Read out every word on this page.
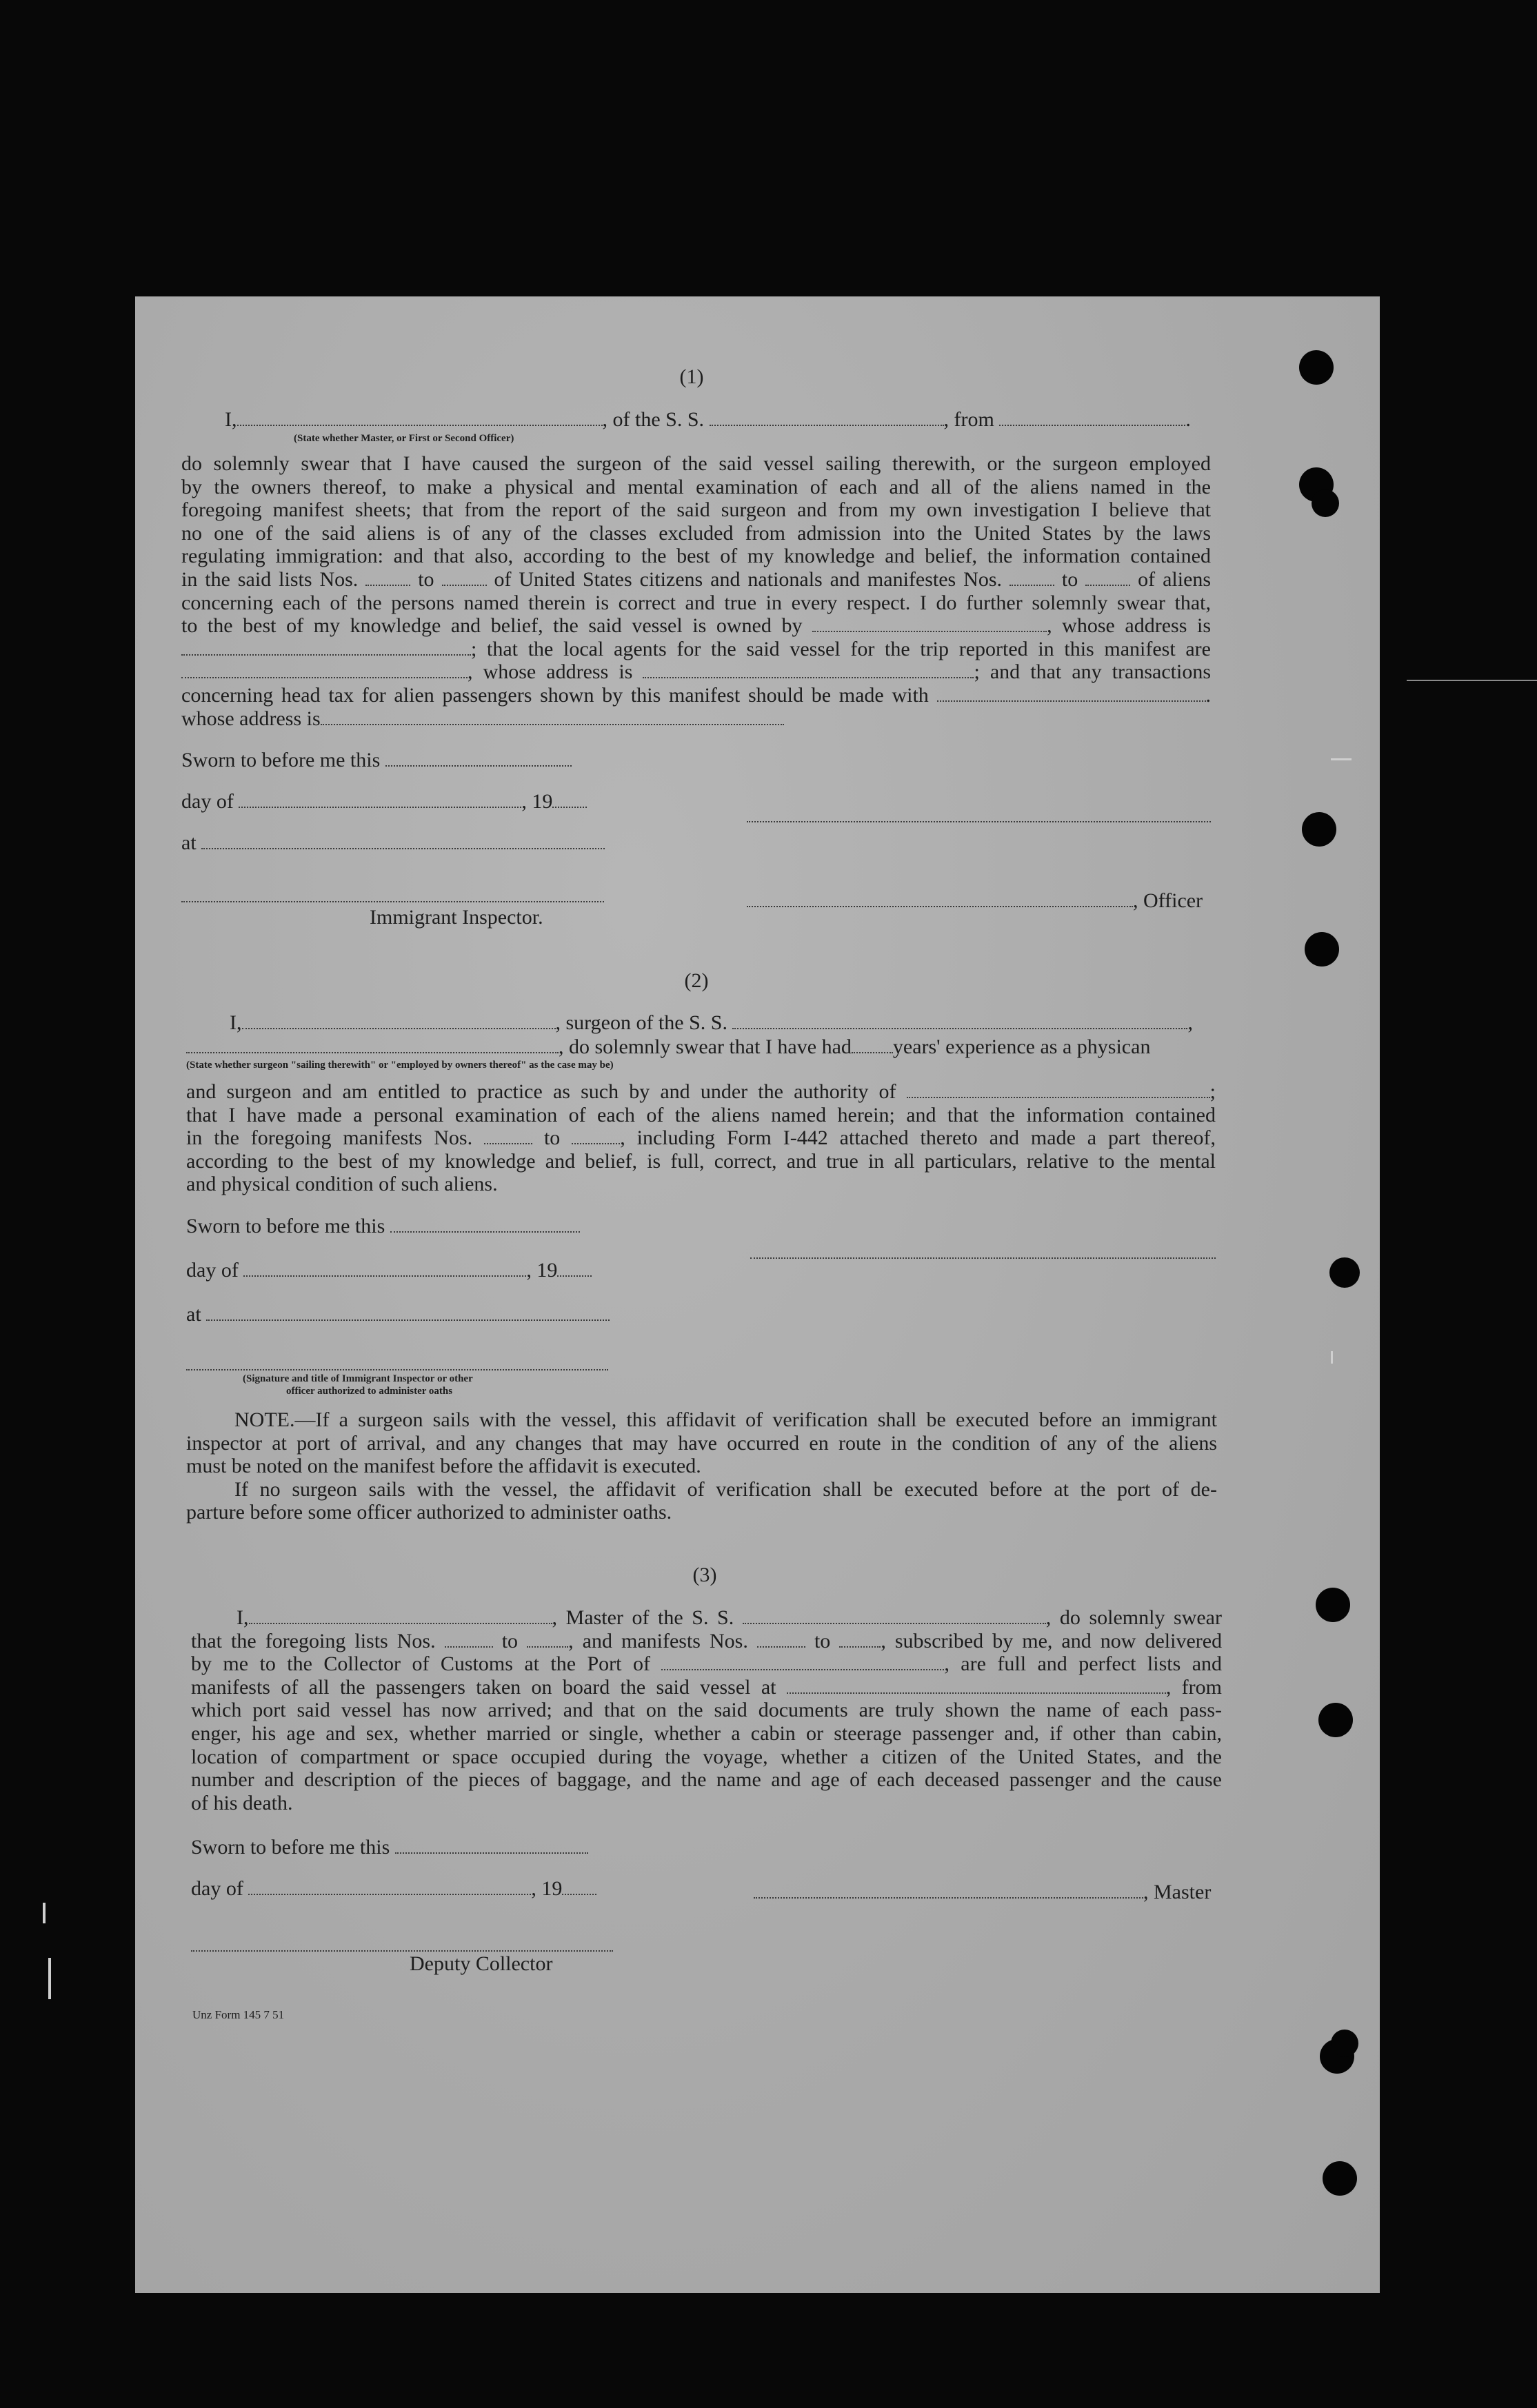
(1)
I,	, of the S. S.	, from	.
(State whether Master, or First or Second Officer)
do solemnly swear that I have caused the surgeon of the said vessel sailing therewith, or the surgeon employed
by the owners thereof, to make a physical and mental examination of each and all of the aliens named in the
foregoing manifest sheets; that from the report of the said surgeon and from my own investigation I believe that
no one of the said aliens is of any of the classes excluded from admission into the United States by the laws
regulating immigration: and that also, according to the best of my knowledge and belief, the information contained
in the said lists Nos.	to	of United States citizens and nationals and manifestes Nos.	to	of aliens
concerning each of the persons named therein is correct and true in every respect. I do further solemnly swear that,
to the best of my knowledge and belief, the said vessel is owned by	, whose address is
; that the local agents for the said vessel for the trip reported in this manifest are
, whose address is	; and that any transactions
concerning head tax for alien passengers shown by this manifest should be made with	.
whose address is
Sworn to before me this
day of	, 19
at
, Officer
Immigrant Inspector.
(2)
I,	, surgeon of the S. S.	,
, do solemnly swear that I have had years' experience as a physican
(State whether surgeon "sailing therewith" or "employed by owners thereof" as the case may be)
and surgeon and am entitled to practice as such by and under the authority of	;
that I have made a personal examination of each of the aliens named herein; and that the information contained
in the foregoing manifests Nos.	to	, including Form I-442 attached thereto and made a part thereof,
according to the best of my knowledge and belief, is full, correct, and true in all particulars, relative to the mental
and physical condition of such aliens.
Sworn to before me this
day of	, 19
at
(Signature and title of Immigrant Inspector or other
officer authorized to administer oaths
NOTE.—If a surgeon sails with the vessel, this affidavit of verification shall be executed before an immigrant
inspector at port of arrival, and any changes that may have occurred en route in the condition of any of the aliens
must be noted on the manifest before the affidavit is executed.
If no surgeon sails with the vessel, the affidavit of verification shall be executed before at the port of de-
parture before some officer authorized to administer oaths.
(3)
I,	, Master of the S. S.	, do solemnly swear
that the foregoing lists Nos.	to , and manifests Nos.	to , subscribed by me, and now delivered
by me to the Collector of Customs at the Port of	, are full and perfect lists and
manifests of all the passengers taken on board the said vessel at	, from
which port said vessel has now arrived; and that on the said documents are truly shown the name of each pass-
enger, his age and sex, whether married or single, whether a cabin or steerage passenger and, if other than cabin,
location of compartment or space occupied during the voyage, whether a citizen of the United States, and the
number and description of the pieces of baggage, and the name and age of each deceased passenger and the cause
of his death.
Sworn to before me this
day of	, 19	, Master
Deputy Collector
Unz Form 145 7 51
